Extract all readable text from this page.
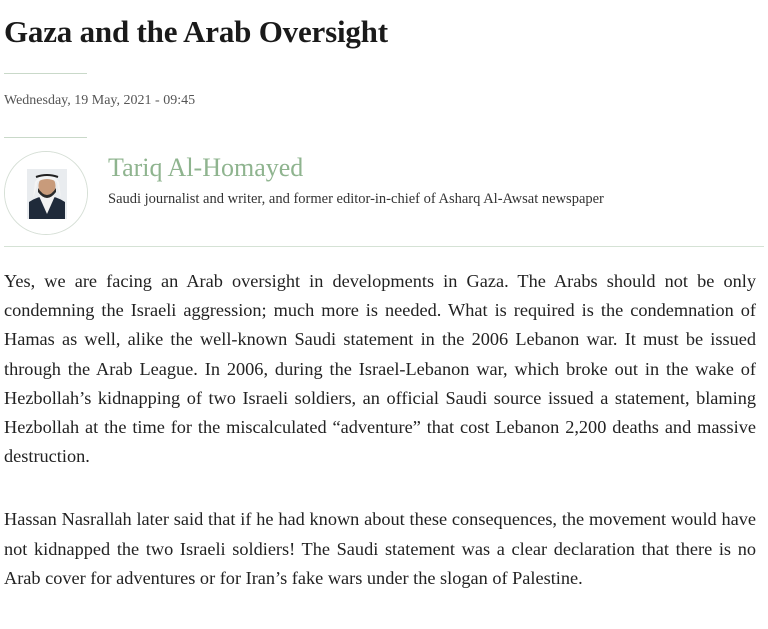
Gaza and the Arab Oversight
Wednesday, 19 May, 2021 - 09:45
Tariq Al-Homayed
Saudi journalist and writer, and former editor-in-chief of Asharq Al-Awsat newspaper

Yes, we are facing an Arab oversight in developments in Gaza. The Arabs should not be only condemning the Israeli aggression; much more is needed. What is required is the condemnation of Hamas as well, alike the well-known Saudi statement in the 2006 Lebanon war. It must be issued through the Arab League. In 2006, during the Israel-Lebanon war, which broke out in the wake of Hezbollah’s kidnapping of two Israeli soldiers, an official Saudi source issued a statement, blaming Hezbollah at the time for the miscalculated “adventure” that cost Lebanon 2,200 deaths and massive destruction.

Hassan Nasrallah later said that if he had known about these consequences, the movement would have not kidnapped the two Israeli soldiers! The Saudi statement was a clear declaration that there is no Arab cover for adventures or for Iran’s fake wars under the slogan of Palestine.
